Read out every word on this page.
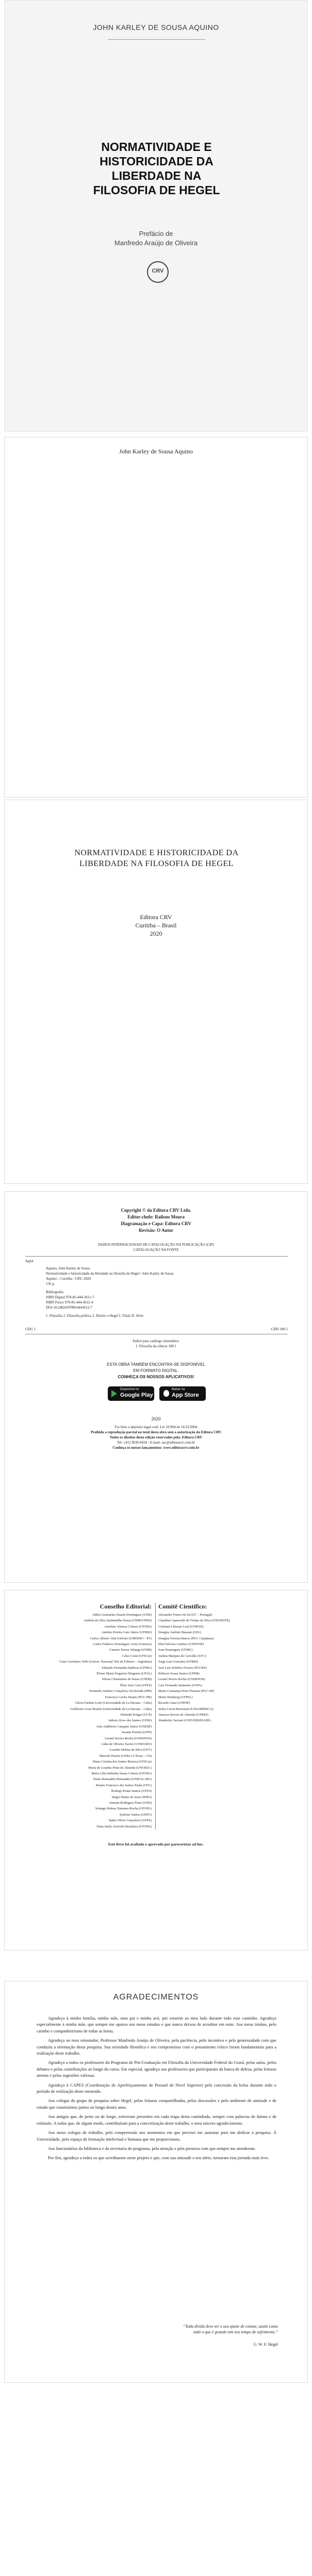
JOHN KARLEY DE SOUSA AQUINO
NORMATIVIDADE E HISTORICIDADE DA LIBERDADE NA FILOSOFIA DE HEGEL
Prefácio de
Manfredo Araújo de Oliveira
CRV
John Karley de Sousa Aquino
NORMATIVIDADE E HISTORICIDADE DA LIBERDADE NA FILOSOFIA DE HEGEL
Editora CRV
Curitiba – Brasil
2020
Copyright © da Editora CRV Ltda.
Editor-chefe: Railson Moura
Diagramação e Capa: Editora CRV
Revisão: O Autor
DADOS INTERNACIONAIS DE CATALOGAÇÃO NA PUBLICAÇÃO (CIP)
CATALOGAÇÃO NA FONTE
Aq64
Aquino, John Karley de Sousa
Normatividade e historicidade da liberdade na filosofia de Hegel / John Karley de Sousa
Aquino – Curitiba : CRV, 2020.
156 p.
Bibliografia
ISBN Digital 978-85-444-3611-7
ISBN Físico 978-85-444-3612-4
DOI 10.24824/978854443612.7
1. Filosofia 2. Filosofia política 3. Direito e Hegel I. Título II. Série
CDU 1	CDD 100.1
Índice para catálogo sistemático
1. Filosofia da ciência 100.1
ESTA OBRA TAMBÉM ENCONTRA-SE DISPONÍVEL
EM FORMATO DIGITAL.
CONHEÇA OS NOSSOS APLICATIVOS!
Disponível no
Google Play
Baixar na
App Store
2020
Foi feito o depósito legal conf. Lei 10.994 de 14/12/2004
Proibida a reprodução parcial ou total desta obra sem a autorização da Editora CRV
Todos os direitos desta edição reservados pela: Editora CRV
Tel.: (41) 3039-6418 - E-mail: sac@editoracrv.com.br
Conheça os nossos lançamentos: www.editoracrv.com.br
Conselho Editorial: Comitê Científico:
Aldira Guimarães Duarte Domínguez (UNB)
Andréia da Silva Quintanilha Sousa (UNIR/UFRN)
Anselmo Alencar Colares (UFOPA)
Antônio Pereira Gaio Júnior (UFRRJ)
Carlos Alberto Vilar Estêvão (UMINHO – PT)
Carlos Federico Dominguez Avila (Unieuro)
Carmen Tereza Velanga (UNIR)
Celso Conti (UFSCar)
Cesar Gerónimo Tello (Univer. Nacional Três de Febrero – Argentina)
Eduardo Fernandes Barbosa (UFMG)
Elione Maria Nogueira Diogenes (UFAL)
Elizeu Clementino de Souza (UNEB)
Élsio José Corá (UFFS)
Fernando Antônio Gonçalves Alcoforado (IPB)
Francisco Carlos Duarte (PUC-PR)
Gloria Fariñas León (Universidade de La Havana – Cuba)
Guillermo Arias Beatón (Universidade de La Havana – Cuba)
Helmuth Krüger (UCP)
Jailson Alves dos Santos (UFRJ)
João Adalberto Campato Junior (UNESP)
Josania Portela (UFPI)
Leonel Severo Rocha (UNISINOS)
Lídia de Oliveira Xavier (UNIEURO)
Lourdes Helena da Silva (UFV)
Marcelo Paixão (UFRJ e UTexas – US)
Maria Cristina dos Santos Bezerra (UFSCar)
Maria de Lourdes Pinto de Almeida (UNOESC)
Maria Lília Imbiriba Sousa Colares (UFOPA)
Paulo Romualdo Hernandes (UNIFAL-MG)
Renato Francisco dos Santos Paula (UFG)
Rodrigo Pratte-Santos (UFES)
Sérgio Nunes de Jesus (IFRO)
Simone Rodrigues Pinto (UNB)
Solange Helena Ximenes-Rocha (UFOPA)
Sydione Santos (UEPG)
Tadeu Oliver Gonçalves (UFPA)
Tania Suely Azevedo Brasileiro (UFOPA)
Alexandre Franco de Sá (UC – Portugal)
Claudinei Aparecido de Freitas da Silva (UNIOESTE)
Cristiane Liberato Leal (UNIFAP)
Douglas Antônio Bassani (UEL)
Douglas Ferreira Barros (PUC Campinas)
Eliel Silveira Cardoso (UNIFESP)
Ivan Domingues (UFMG)
Joelma Marques de Carvalho (UFC)
Jorge Luis Gonzalez (UFRRJ)
José Luís Schifino Ferraro (PUCRS)
Klebson Souza Santos (UFRB)
Leonel Severo Rocha (UNISINOS)
Luis Fernando Sarmento (UFPA)
Maria Constança Peres Pissarra (PUC-SP)
Marta Nörnberg (UFPEL)
Ricardo Lima (UNESP)
Sirley Lizott Benvenuti (UNIAMÉRICA)
Vanessa Sievers de Almeida (UFRRJ)
Wanderley Saviani (UNIVERSIDADE)
Este livro foi avaliado e aprovado por pareceristas ad hoc.
AGRADECIMENTOS

Agradeço à minha família, minha mãe, meu pai e minha avó, por estarem ao meu lado durante todo esse caminho. Agradeço especialmente à minha mãe, que sempre me apoiou nos meus estudos e que nunca deixou de acreditar em mim. Aos meus irmãos, pelo carinho e companheirismo de todas as horas.

Agradeço ao meu orientador, Professor Manfredo Araújo de Oliveira, pela paciência, pelo incentivo e pela generosidade com que conduziu a orientação desta pesquisa. Sua seriedade filosófica e seu compromisso com o pensamento crítico foram fundamentais para a realização deste trabalho.

Agradeço a todos os professores do Programa de Pós-Graduação em Filosofia da Universidade Federal do Ceará, pelas aulas, pelos debates e pelas contribuições ao longo do curso. Em especial, agradeço aos professores que participaram da banca de defesa, pelas leituras atentas e pelas sugestões valiosas.

Agradeço à CAPES (Coordenação de Aperfeiçoamento de Pessoal de Nível Superior) pela concessão da bolsa durante todo o período de realização deste mestrado.

Aos colegas do grupo de pesquisa sobre Hegel, pelas leituras compartilhadas, pelas discussões e pelo ambiente de amizade e de estudo que construímos juntos ao longo destes anos.

Aos amigos que, de perto ou de longe, estiveram presentes em cada etapa desta caminhada, sempre com palavras de ânimo e de estímulo. A todos que, de algum modo, contribuíram para a concretização deste trabalho, o meu sincero agradecimento.

Aos meus colegas de trabalho, pela compreensão nos momentos em que precisei me ausentar para me dedicar à pesquisa. À Universidade, pelo espaço de formação intelectual e humana que me proporcionou.

Aos funcionários da biblioteca e da secretaria do programa, pela atenção e pela presteza com que sempre me atenderam.

Por fim, agradeço a todos os que acreditaram neste projeto e que, com sua amizade e seu afeto, tornaram esta jornada mais leve.

“Toda dívida deve ter o seu ajuste de contas; assim como tudo o que é grande tem seu tempo de sofrimento.”
G. W. F. Hegel
